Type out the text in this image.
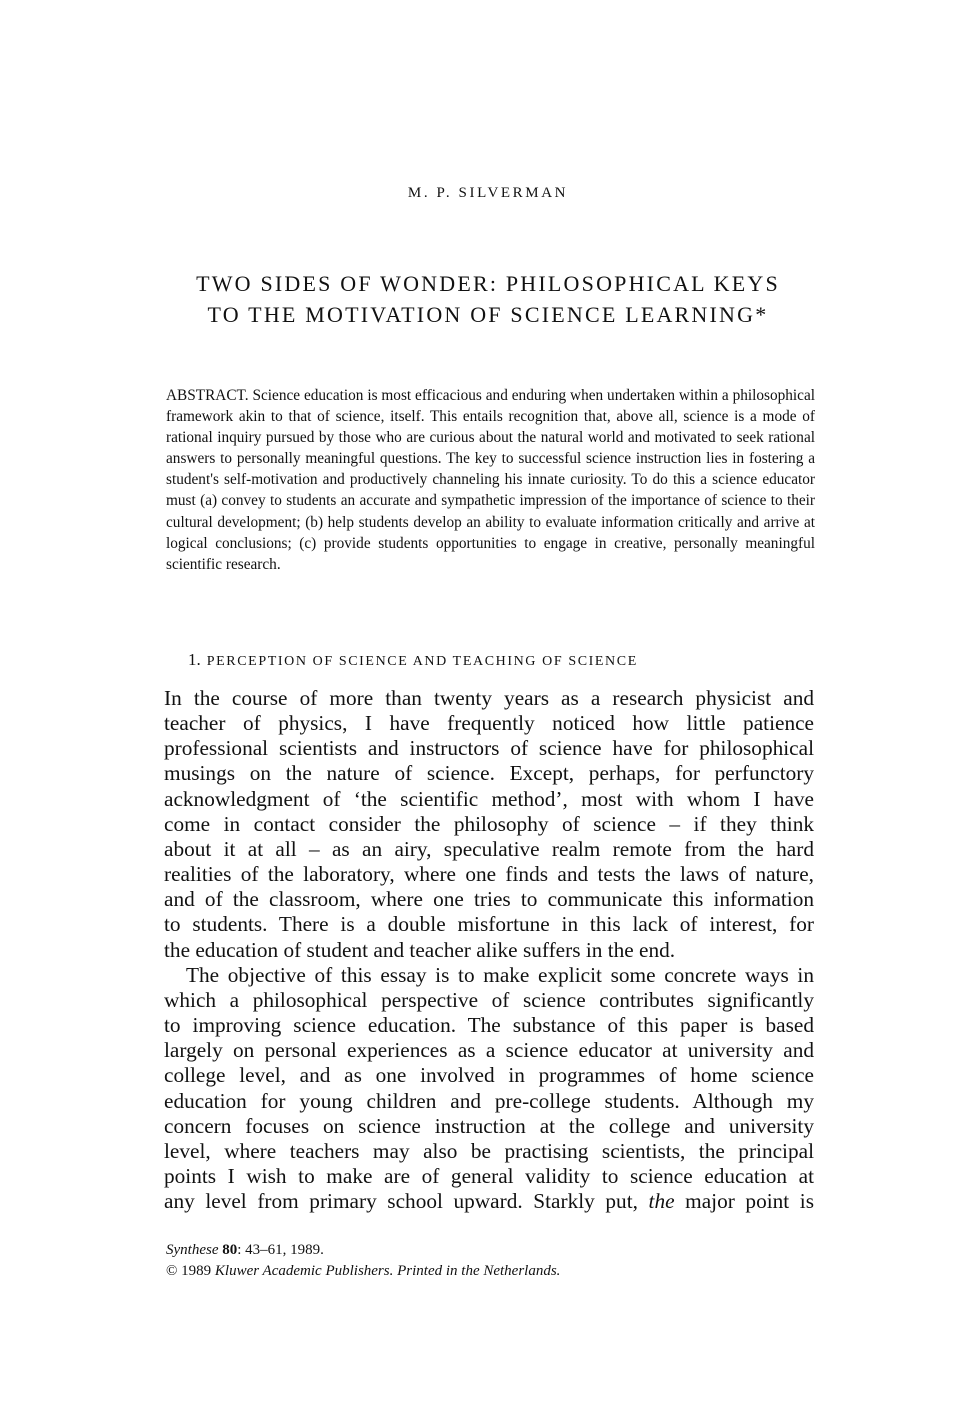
M. P. SILVERMAN
TWO SIDES OF WONDER: PHILOSOPHICAL KEYS
TO THE MOTIVATION OF SCIENCE LEARNING*
ABSTRACT. Science education is most efficacious and enduring when undertaken within a philosophical framework akin to that of science, itself. This entails recognition that, above all, science is a mode of rational inquiry pursued by those who are curious about the natural world and motivated to seek rational answers to personally meaningful questions. The key to successful science instruction lies in fostering a student's self-motivation and productively channeling his innate curiosity. To do this a science educator must (a) convey to students an accurate and sympathetic impression of the importance of science to their cultural development; (b) help students develop an ability to evaluate information critically and arrive at logical conclusions; (c) provide students opportunities to engage in creative, personally meaningful scientific research.
1. PERCEPTION OF SCIENCE AND TEACHING OF SCIENCE

In the course of more than twenty years as a research physicist and
teacher of physics, I have frequently noticed how little patience
professional scientists and instructors of science have for philosophical
musings on the nature of science. Except, perhaps, for perfunctory
acknowledgment of ‘the scientific method’, most with whom I have
come in contact consider the philosophy of science – if they think
about it at all – as an airy, speculative realm remote from the hard
realities of the laboratory, where one finds and tests the laws of nature,
and of the classroom, where one tries to communicate this information
to students. There is a double misfortune in this lack of interest, for
the education of student and teacher alike suffers in the end.

The objective of this essay is to make explicit some concrete ways in
which a philosophical perspective of science contributes significantly
to improving science education. The substance of this paper is based
largely on personal experiences as a science educator at university and
college level, and as one involved in programmes of home science
education for young children and pre-college students. Although my
concern focuses on science instruction at the college and university
level, where teachers may also be practising scientists, the principal
points I wish to make are of general validity to science education at
any level from primary school upward. Starkly put, the major point is

Synthese 80: 43–61, 1989.
© 1989 Kluwer Academic Publishers. Printed in the Netherlands.
